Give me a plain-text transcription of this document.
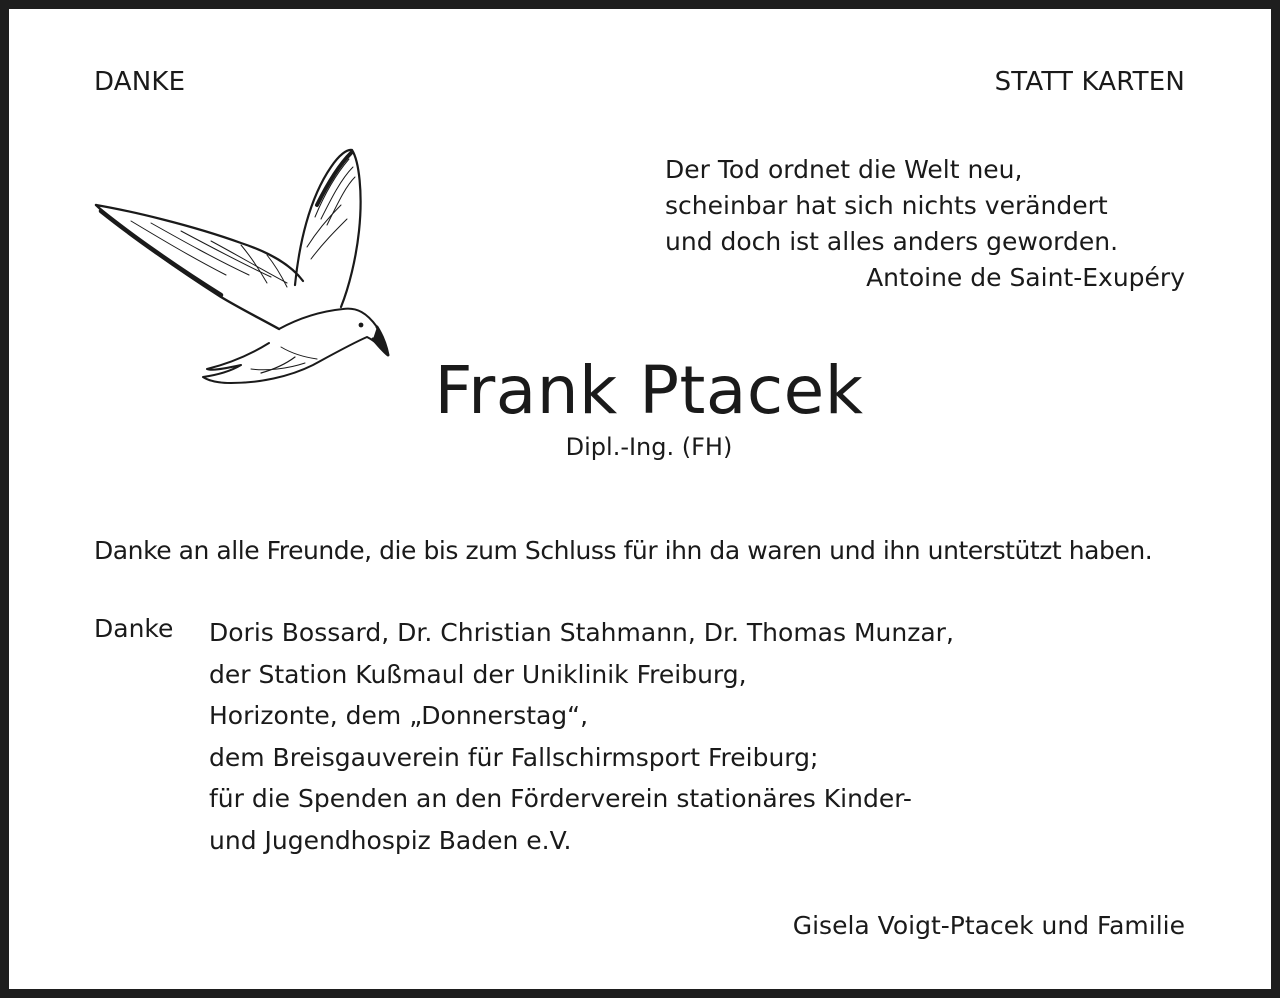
DANKE	STATT KARTEN
Der Tod ordnet die Welt neu,
scheinbar hat sich nichts verändert
und doch ist alles anders geworden.
Antoine de Saint-Exupéry
Frank Ptacek
Dipl.-Ing. (FH)
Danke an alle Freunde, die bis zum Schluss für ihn da waren und ihn unterstützt haben.
Danke Doris Bossard, Dr. Christian Stahmann, Dr. Thomas Munzar,
der Station Kußmaul der Uniklinik Freiburg,
Horizonte, dem „Donnerstag“,
dem Breisgauverein für Fallschirmsport Freiburg;
für die Spenden an den Förderverein stationäres Kinder-
und Jugendhospiz Baden e.V.
Gisela Voigt-Ptacek und Familie
